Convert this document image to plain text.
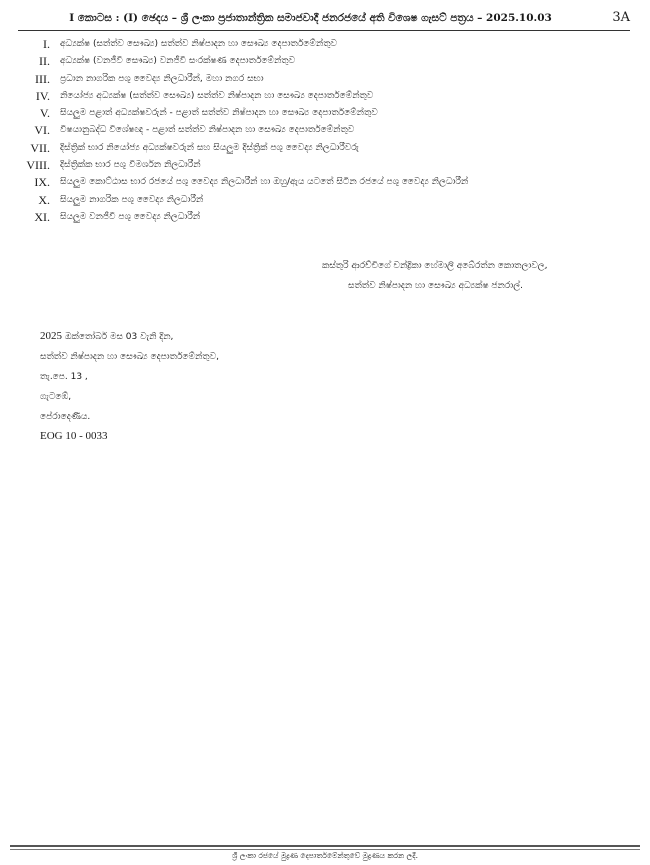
3A
I කොටස : (I) ඡෙදය – ශ්‍රී ලංකා ප්‍රජාතාන්ත්‍රික සමාජවාදී ජනරජයේ අති විශෙෂ ගැසට් පත්‍රය – 2025.10.03
I.	අධ්‍යක්ෂ (සත්ත්ව සෞඛ්‍ය) සත්ත්ව නිෂ්පාදන හා සෞඛ්‍ය දෙපාර්තමේන්තුව
II.	අධ්‍යක්ෂ (වනජීවී සෞඛ්‍ය) වනජීවී සංරක්ෂණ දෙපාර්තමේන්තුව
III.	ප්‍රධාන නාගරික පශු වෛද්‍ය නිලධාරීන්, මහා නගර සභා
IV.	නියෝජ්‍ය අධ්‍යක්ෂ (සත්ත්ව සෞඛ්‍ය) සත්ත්ව නිෂ්පාදන හා සෞඛ්‍ය දෙපාර්තමේන්තුව
V.	සියලුම පළාත් අධ්‍යක්ෂවරුන් - පළාත් සත්ත්ව නිෂ්පාදන හා සෞඛ්‍ය දෙපාර්තමේන්තුව
VI.	විෂයානුබද්ධ විශේෂඥ - පළාත් සත්ත්ව නිෂ්පාදන හා සෞඛ්‍ය දෙපාර්තමේන්තුව
VII.	දිස්ත්‍රික් භාර නියෝජ්‍ය අධ්‍යක්ෂවරුන් සහ සියලුම දිස්ත්‍රික් පශු වෛද්‍ය නිලධාරීවරු
VIII.	දිස්ත්‍රික්ක භාර පශු විමර්ශන නිලධාරීන්
IX.	සියලුම කොට්ඨාස භාර රජයේ පශු වෛද්‍ය නිලධාරීන් හා ඔහු/ඇය යටතේ සිටින රජයේ පශු වෛද්‍ය නිලධාරීන්
X.	සියලුම නාගරික පශු වෛද්‍ය නිලධාරීන්
XI.	සියලුම වනජීවී පශු වෛද්‍ය නිලධාරීන්
කස්තුරි ආරච්චිගේ චන්ද්‍රිකා හේමාලි අබේරත්න කොතලාවල,
සත්ත්ව නිෂ්පාදන හා සෞඛ්‍ය අධ්‍යක්ෂ ජනරාල්.
2025 ඔක්තෝබර් මස 03 වැනි දින,
සත්ත්ව නිෂ්පාදන හා සෞඛ්‍ය දෙපාර්තමේන්තුව,
තැ.පෙ. 13 ,
ගැටඹේ,
පේරාදෙණිය.
EOG 10 - 0033
ශ්‍රී ලංකා රජයේ මුද්‍රණ දෙපාර්තමේන්තුවේ මුද්‍රණය කරන ලදී.
